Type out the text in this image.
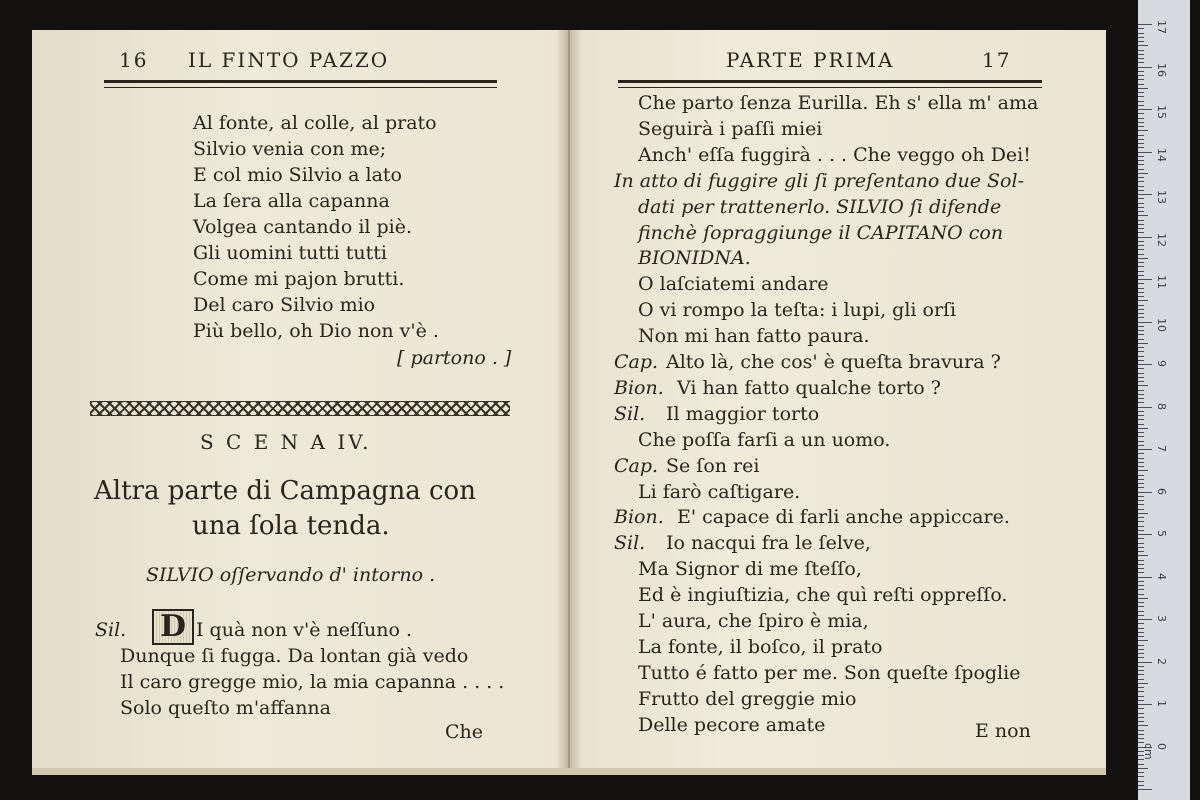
16 IL FINTO PAZZO
Al fonte, al colle, al prato
Silvio venia con me;
E col mio Silvio a lato
La ſera alla capanna
Volgea cantando il piè.
Gli uomini tutti tutti
Come mi pajon brutti.
Del caro Silvio mio
Più bello, oh Dio non v'è .
[ partono . ]
S C E N A IV.
Altra parte di Campagna con
una ſola tenda.
SILVIO oſſervando d' intorno .
Sil. D I quà non v'è neſſuno .
Dunque ſi fugga. Da lontan già vedo
Il caro gregge mio, la mia capanna . . . .
Solo queſto m'affanna
Che
PARTE PRIMA	17
Che parto ſenza Eurilla. Eh s' ella m' ama
Seguirà i paſſi miei
Anch' eſſa fuggirà . . . Che veggo oh Dei!
In atto di fuggire gli ſi preſentano due Sol-
dati per trattenerlo. SILVIO ſi difende
finchè ſopraggiunge il CAPITANO con
BIONIDNA.
O laſciatemi andare
O vi rompo la teſta: i lupi, gli orſi
Non mi han fatto paura.
Cap. Alto là, che cos' è queſta bravura ?
Bion. Vi han fatto qualche torto ?
Sil. Il maggior torto
Che poſſa farſi a un uomo.
Cap. Se ſon rei
Li farò caſtigare.
Bion. E' capace di farli anche appiccare.
Sil. Io nacqui fra le ſelve,
Ma Signor di me ſteſſo,
Ed è ingiuſtizia, che quì reſti oppreſſo.
L' aura, che ſpiro è mia,
La fonte, il boſco, il prato
Tutto é fatto per me. Son queſte ſpoglie
Frutto del greggie mio
Delle pecore amate	E non
17
16
15
14
13
12
11
10
9
8
7
6
5
4
3
2
1
0 cm
